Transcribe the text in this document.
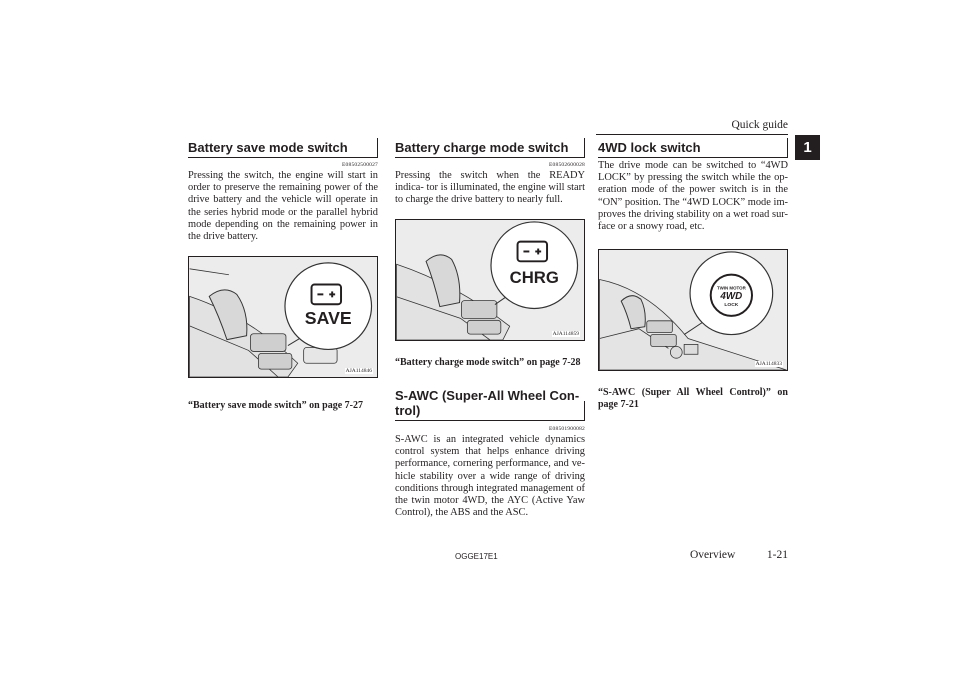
Quick guide
1
Battery save mode switch
E08502500027
Pressing the switch, the engine will start in order to preserve the remaining power of the drive battery and the vehicle will operate in the series hybrid mode or the parallel hybrid mode depending on the remaining power in the drive battery.
SAVE
AJA114846
“Battery save mode switch” on page 7-27
Battery charge mode switch
E08502600028
Pressing the switch when the READY indica- tor is illuminated, the engine will start to charge the drive battery to nearly full.
CHRG
AJA114859
“Battery charge mode switch” on page 7-28
S-AWC (Super-All Wheel Con- trol)
E08501900082
S-AWC is an integrated vehicle dynamics control system that helps enhance driving performance, cornering performance, and ve- hicle stability over a wide range of driving conditions through integrated management of the twin motor 4WD, the AYC (Active Yaw Control), the ABS and the ASC.
4WD lock switch
The drive mode can be switched to “4WD LOCK” by pressing the switch while the op- eration mode of the power switch is in the “ON” position. The “4WD LOCK” mode im- proves the driving stability on a wet road sur- face or a snowy road, etc.
TWIN MOTOR
4WD
LOCK
AJA114833
“S-AWC (Super All Wheel Control)” on page 7-21
OGGE17E1	Overview	1-21
